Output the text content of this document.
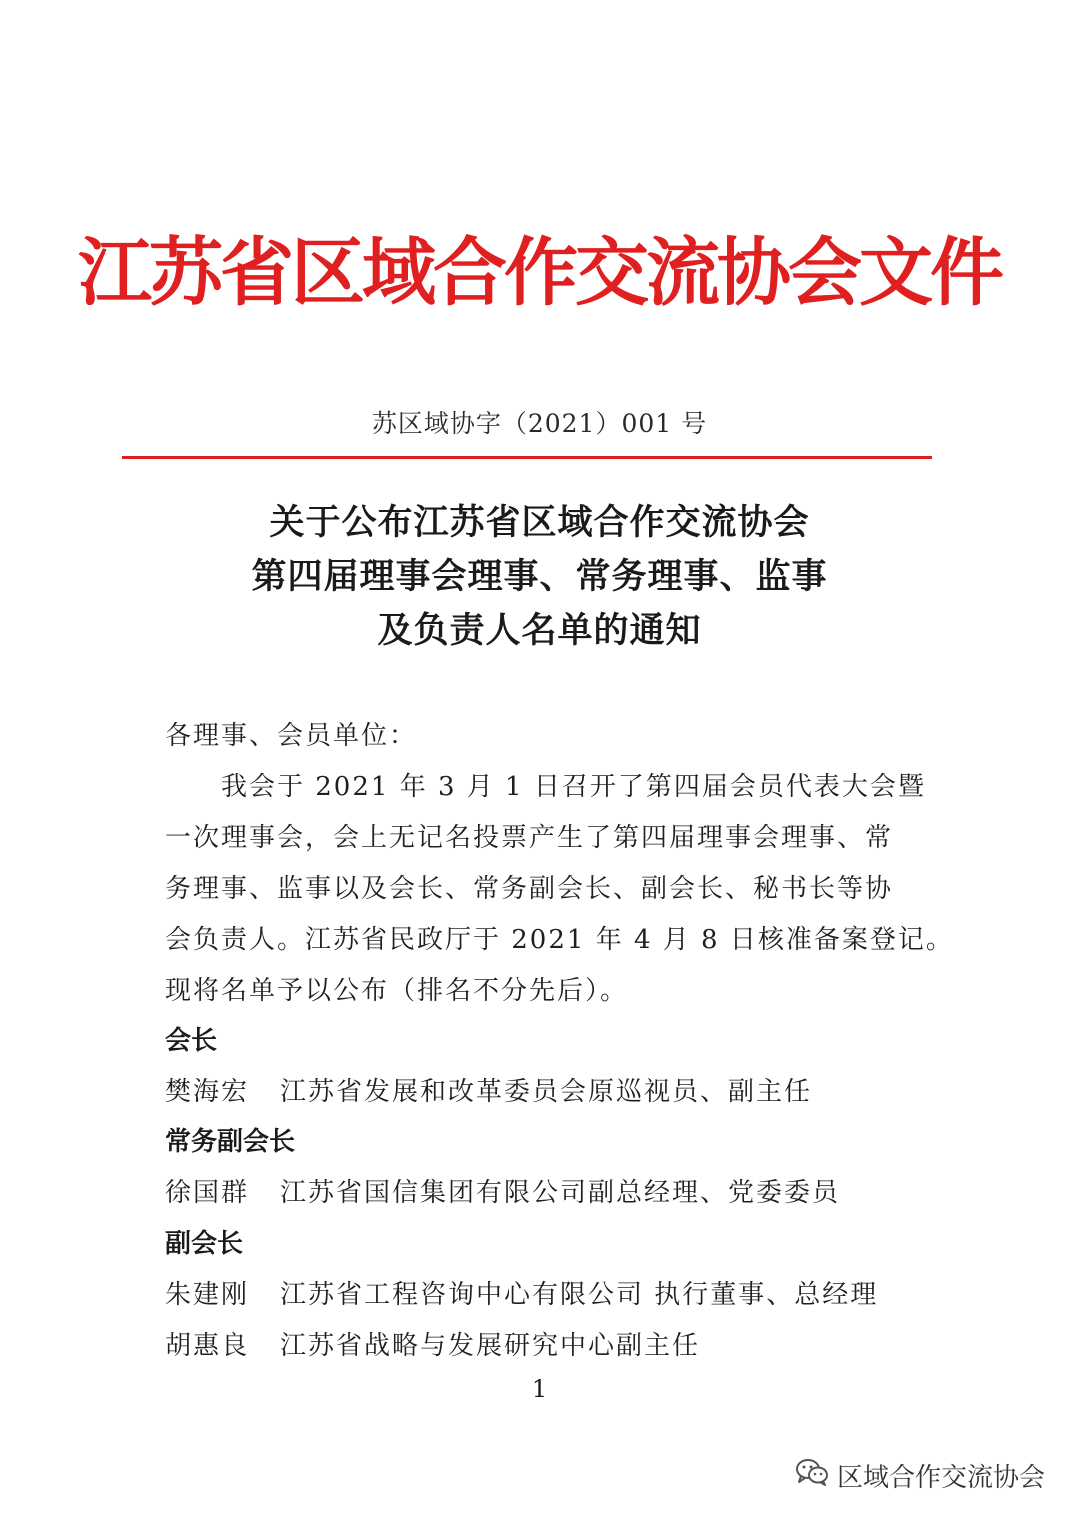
江苏省区域合作交流协会文件
苏区域协字（2021）001 号
关于公布江苏省区域合作交流协会
第四届理事会理事、常务理事、监事
及负责人名单的通知
各理事、会员单位：
　　我会于 2021 年 3 月 1 日召开了第四届会员代表大会暨
一次理事会，会上无记名投票产生了第四届理事会理事、常
务理事、监事以及会长、常务副会长、副会长、秘书长等协
会负责人。江苏省民政厅于 2021 年 4 月 8 日核准备案登记。
现将名单予以公布（排名不分先后）。
会长
樊海宏 江苏省发展和改革委员会原巡视员、副主任
常务副会长
徐国群 江苏省国信集团有限公司副总经理、党委委员
副会长
朱建刚 江苏省工程咨询中心有限公司 执行董事、总经理
胡惠良 江苏省战略与发展研究中心副主任
1
区域合作交流协会
